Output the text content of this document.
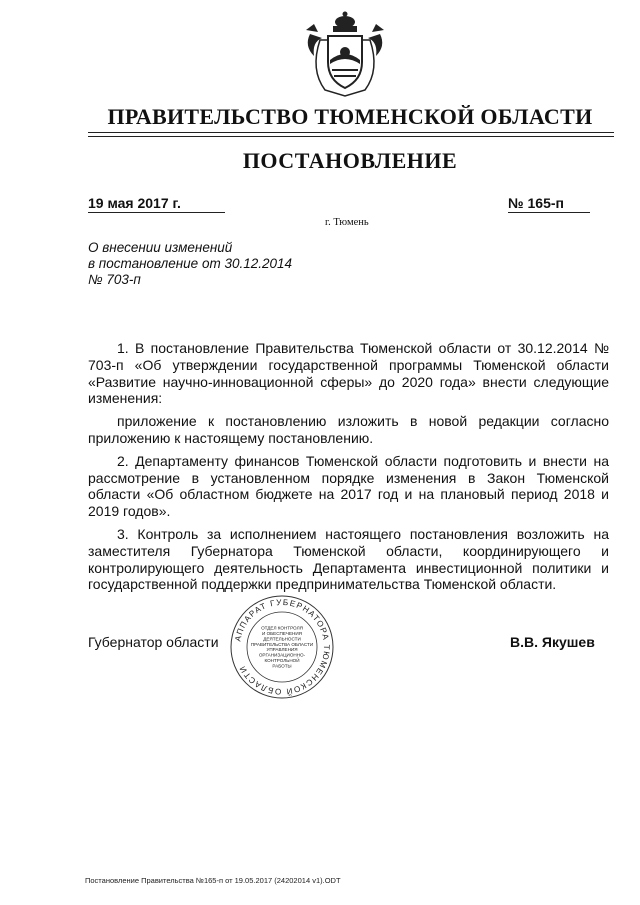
ПРАВИТЕЛЬСТВО ТЮМЕНСКОЙ ОБЛАСТИ
ПОСТАНОВЛЕНИЕ
19 мая 2017 г.	№ 165-п
г. Тюмень
О внесении изменений
в постановление от 30.12.2014
№ 703-п

1. В постановление Правительства Тюменской области от 30.12.2014 № 703-п «Об утверждении государственной программы Тюменской области «Развитие научно-инновационной сферы» до 2020 года» внести следующие изменения:

приложение к постановлению изложить в новой редакции согласно приложению к настоящему постановлению.

2. Департаменту финансов Тюменской области подготовить и внести на рассмотрение в установленном порядке изменения в Закон Тюменской области «Об областном бюджете на 2017 год и на плановый период 2018 и 2019 годов».

3. Контроль за исполнением настоящего постановления возложить на заместителя Губернатора Тюменской области, координирующего и контролирующего деятельность Департамента инвестиционной политики и государственной поддержки предпринимательства Тюменской области.

Губернатор области	В.В. Якушев
АППАРАТ ГУБЕРНАТОРА ТЮМЕНСКОЙ ОБЛАСТИ
ОТДЕЛ КОНТРОЛЯ
И ОБЕСПЕЧЕНИЯ
ДЕЯТЕЛЬНОСТИ
ПРАВИТЕЛЬСТВА ОБЛАСТИ
УПРАВЛЕНИЯ
ОРГАНИЗАЦИОННО-
КОНТРОЛЬНОЙ
РАБОТЫ
Постановление Правительства №165-п от 19.05.2017 (24202014 v1).ODT
